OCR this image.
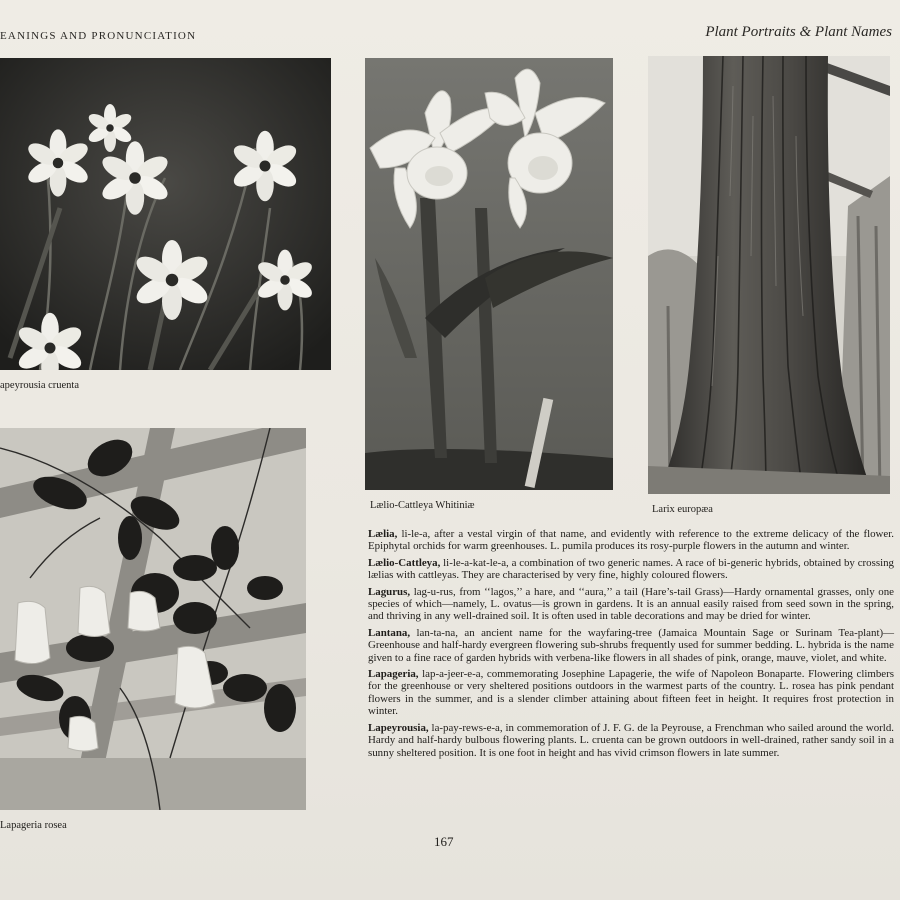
EANINGS AND PRONUNCIATION	Plant Portraits & Plant Names
apeyrousia cruenta
Lælio-Cattleya Whitiniæ	Larix europæa
Lapageria rosea

Lælia, li-le-a, after a vestal virgin of that name, and evidently with reference to the extreme delicacy of the flower. Epiphytal orchids for warm greenhouses. L. pumila produces its rosy-purple flowers in the autumn and winter.

Lælio-Cattleya, li-le-a-kat-le-a, a combination of two generic names. A race of bi-generic hybrids, obtained by crossing lælias with cattleyas. They are characterised by very fine, highly coloured flowers.

Lagurus, lag-u-rus, from ‘‘lagos,’’ a hare, and ‘‘aura,’’ a tail (Hare’s-tail Grass)—Hardy ornamental grasses, only one species of which—namely, L. ovatus—is grown in gardens. It is an annual easily raised from seed sown in the spring, and thriving in any well-drained soil. It is often used in table decorations and may be dried for winter.

Lantana, lan-ta-na, an ancient name for the wayfaring-tree (Jamaica Mountain Sage or Surinam Tea-plant)—Greenhouse and half-hardy evergreen flowering sub-shrubs frequently used for summer bedding. L. hybrida is the name given to a fine race of garden hybrids with verbena-like flowers in all shades of pink, orange, mauve, violet, and white.

Lapageria, lap-a-jeer-e-a, commemorating Josephine Lapagerie, the wife of Napoleon Bonaparte. Flowering climbers for the greenhouse or very sheltered positions outdoors in the warmest parts of the country. L. rosea has pink pendant flowers in the summer, and is a slender climber attaining about fifteen feet in height. It requires frost protection in winter.

Lapeyrousia, la-pay-rews-e-a, in commemoration of J. F. G. de la Peyrouse, a Frenchman who sailed around the world. Hardy and half-hardy bulbous flowering plants. L. cruenta can be grown outdoors in well-drained, rather sandy soil in a sunny sheltered position. It is one foot in height and has vivid crimson flowers in late summer.

167
